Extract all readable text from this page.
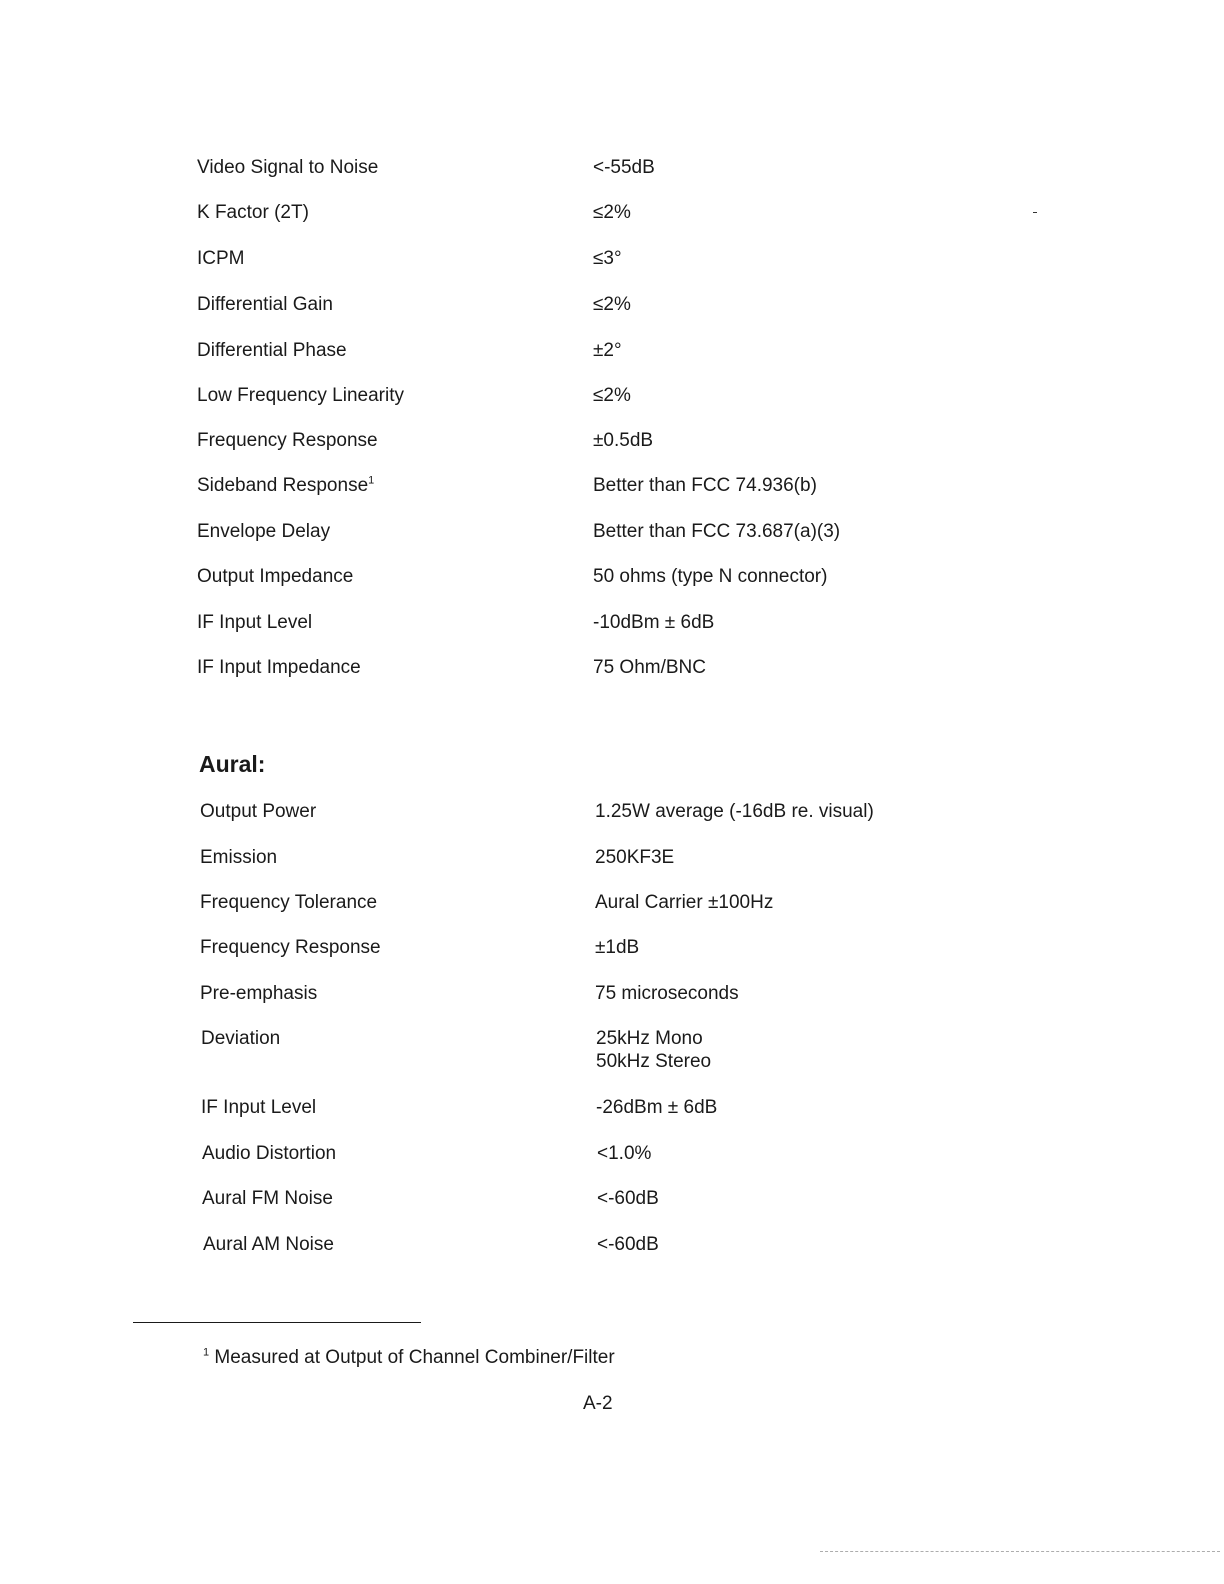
Video Signal to Noise	<-55dB
K Factor (2T)	≤2%
ICPM	≤3°
Differential Gain	≤2%
Differential Phase	±2°
Low Frequency Linearity	≤2%
Frequency Response	±0.5dB
Sideband Response$^1$	Better than FCC 74.936(b)
Envelope Delay	Better than FCC 73.687(a)(3)
Output Impedance	50 ohms (type N connector)
IF Input Level	-10dBm ± 6dB
IF Input Impedance	75 Ohm/BNC
Aural:
Output Power	1.25W average (-16dB re. visual)
Emission	250KF3E
Frequency Tolerance	Aural Carrier ±100Hz
Frequency Response	±1dB
Pre-emphasis	75 microseconds
Deviation	25kHz Mono
50kHz Stereo
IF Input Level	-26dBm ± 6dB
Audio Distortion	<1.0%
Aural FM Noise	<-60dB
Aural AM Noise	<-60dB
$^1$ Measured at Output of Channel Combiner/Filter
A-2
